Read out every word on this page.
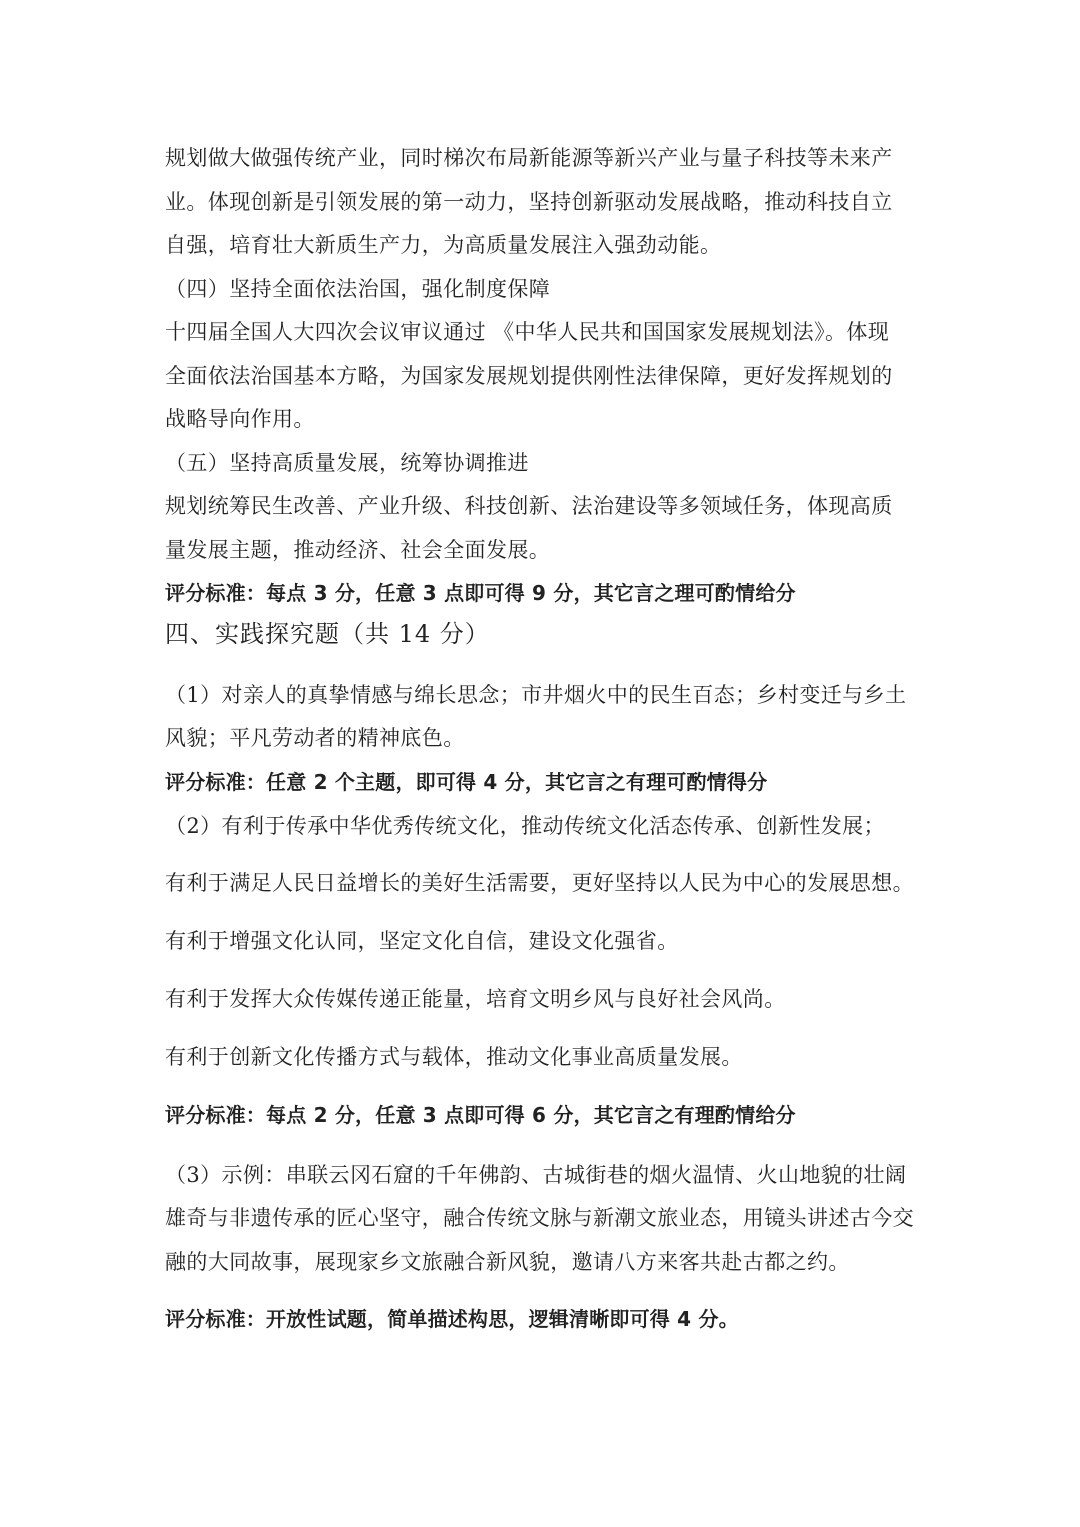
规划做大做强传统产业，同时梯次布局新能源等新兴产业与量子科技等未来产

业。体现创新是引领发展的第一动力，坚持创新驱动发展战略，推动科技自立

自强，培育壮大新质生产力，为高质量发展注入强劲动能。

（四）坚持全面依法治国，强化制度保障

十四届全国人大四次会议审议通过 《中华人民共和国国家发展规划法》。体现

全面依法治国基本方略，为国家发展规划提供刚性法律保障，更好发挥规划的

战略导向作用。

（五）坚持高质量发展，统筹协调推进

规划统筹民生改善、产业升级、科技创新、法治建设等多领域任务，体现高质

量发展主题，推动经济、社会全面发展。

评分标准：每点 3 分，任意 3 点即可得 9 分，其它言之理可酌情给分

四、实践探究题（共 14 分）

（1）对亲人的真挚情感与绵长思念；市井烟火中的民生百态；乡村变迁与乡土

风貌；平凡劳动者的精神底色。

评分标准：任意 2 个主题，即可得 4 分，其它言之有理可酌情得分

（2）有利于传承中华优秀传统文化，推动传统文化活态传承、创新性发展；

有利于满足人民日益增长的美好生活需要，更好坚持以人民为中心的发展思想。

有利于增强文化认同，坚定文化自信，建设文化强省。

有利于发挥大众传媒传递正能量，培育文明乡风与良好社会风尚。

有利于创新文化传播方式与载体，推动文化事业高质量发展。

评分标准：每点 2 分，任意 3 点即可得 6 分，其它言之有理酌情给分

（3）示例：串联云冈石窟的千年佛韵、古城街巷的烟火温情、火山地貌的壮阔

雄奇与非遗传承的匠心坚守，融合传统文脉与新潮文旅业态，用镜头讲述古今交

融的大同故事，展现家乡文旅融合新风貌，邀请八方来客共赴古都之约。

评分标准：开放性试题，简单描述构思，逻辑清晰即可得 4 分。
